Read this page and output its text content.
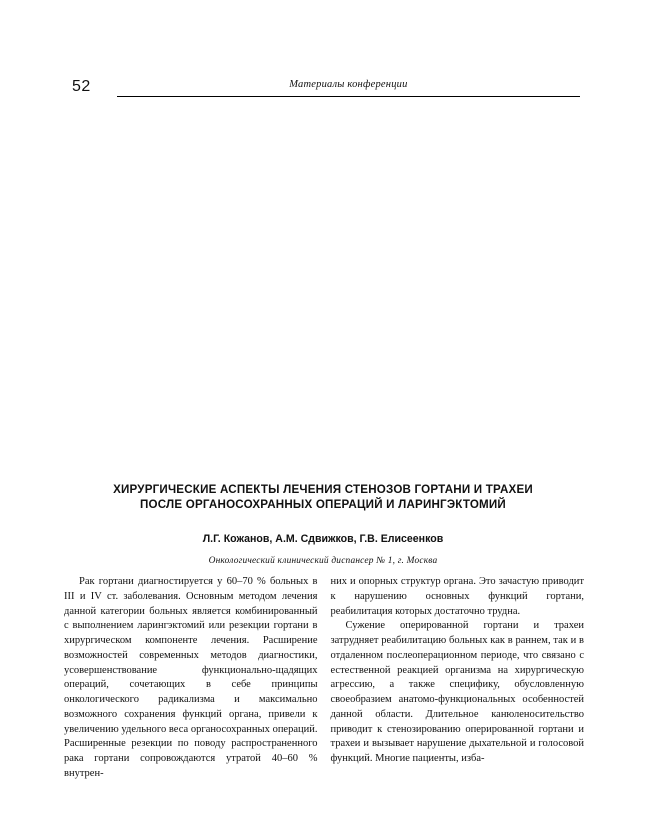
52	Материалы конференции
ХИРУРГИЧЕСКИЕ АСПЕКТЫ ЛЕЧЕНИЯ СТЕНОЗОВ ГОРТАНИ И ТРАХЕИ
ПОСЛЕ ОРГАНОСОХРАННЫХ ОПЕРАЦИЙ И ЛАРИНГЭКТОМИЙ
Л.Г. Кожанов, А.М. Сдвижков, Г.В. Елисеенков
Онкологический клинический диспансер № 1, г. Москва

Рак гортани диагностируется у 60–70 % больных в III и IV ст. заболевания. Основным методом лечения данной категории больных является комбинированный с выполнением ларингэктомий или резекции гортани в хирургическом компоненте лечения. Расширение возможностей современных методов диагностики, усовершенствование функционально-щадящих операций, сочетающих в себе принципы онкологического радикализма и максимально возможного сохранения функций органа, привели к увеличению удельного веса органосохранных операций. Расширенные резекции по поводу распространенного рака гортани сопровождаются утратой 40–60 % внутрен-

них и опорных структур органа. Это зачастую приводит к нарушению основных функций гортани, реабилитация которых достаточно трудна.

Сужение оперированной гортани и трахеи затрудняет реабилитацию больных как в раннем, так и в отдаленном послеоперационном периоде, что связано с естественной реакцией организма на хирургическую агрессию, а также специфику, обусловленную своеобразием анатомо-функциональных особенностей данной области. Длительное канюленосительство приводит к стенозированию оперированной гортани и трахеи и вызывает нарушение дыхательной и голосовой функций. Многие пациенты, изба-
